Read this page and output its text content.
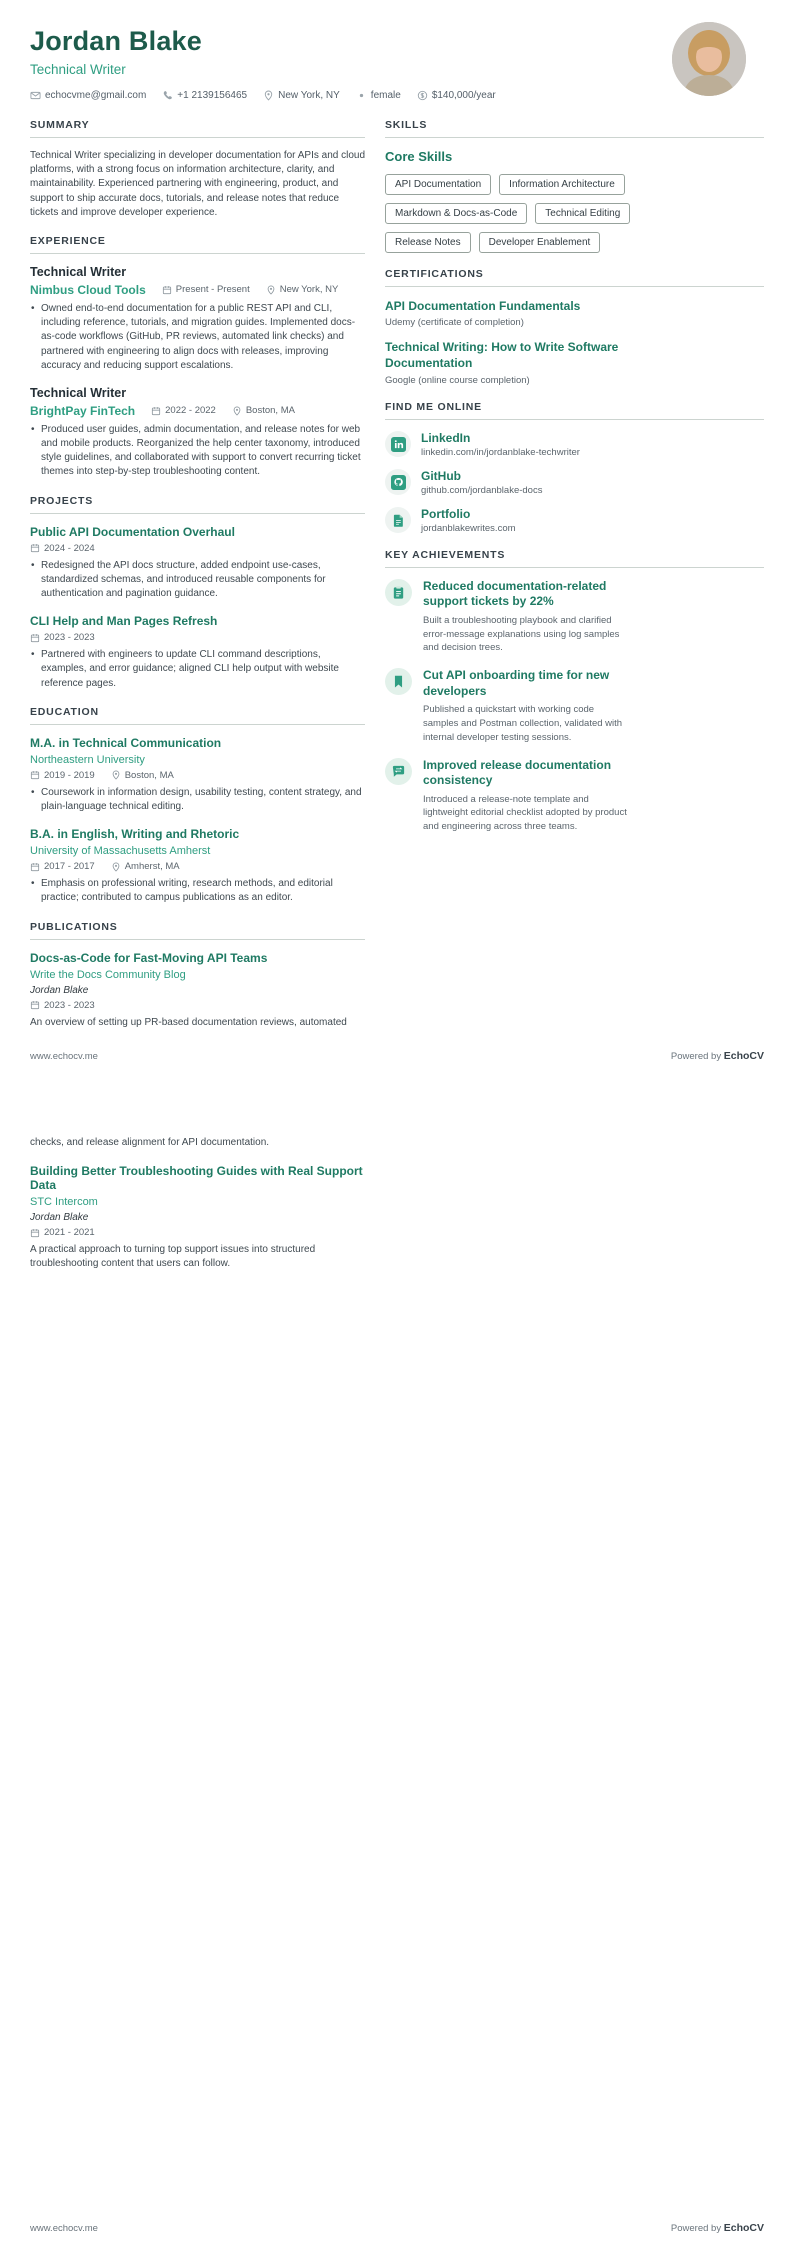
Jordan Blake
Technical Writer
echocvme@gmail.com	+1 2139156465	New York, NY	female	$140,000/year
SUMMARY
Technical Writer specializing in developer documentation for APIs and cloud platforms, with a strong focus on information architecture, clarity, and maintainability. Experienced partnering with engineering, product, and support to ship accurate docs, tutorials, and release notes that reduce tickets and improve developer experience.
EXPERIENCE
Technical Writer
Nimbus Cloud Tools	Present - Present	New York, NY
• Owned end-to-end documentation for a public REST API and CLI, including reference, tutorials, and migration guides. Implemented docs-as-code workflows (GitHub, PR reviews, automated link checks) and partnered with engineering to align docs with releases, improving accuracy and reducing support escalations.
Technical Writer
BrightPay FinTech	2022 - 2022	Boston, MA
• Produced user guides, admin documentation, and release notes for web and mobile products. Reorganized the help center taxonomy, introduced style guidelines, and collaborated with support to convert recurring ticket themes into step-by-step troubleshooting content.
PROJECTS
Public API Documentation Overhaul
2024 - 2024
• Redesigned the API docs structure, added endpoint use-cases, standardized schemas, and introduced reusable components for authentication and pagination guidance.
CLI Help and Man Pages Refresh
2023 - 2023
• Partnered with engineers to update CLI command descriptions, examples, and error guidance; aligned CLI help output with website reference pages.
EDUCATION
M.A. in Technical Communication
Northeastern University
2019 - 2019	Boston, MA
• Coursework in information design, usability testing, content strategy, and plain-language technical editing.
B.A. in English, Writing and Rhetoric
University of Massachusetts Amherst
2017 - 2017	Amherst, MA
• Emphasis on professional writing, research methods, and editorial practice; contributed to campus publications as an editor.
PUBLICATIONS
Docs-as-Code for Fast-Moving API Teams
Write the Docs Community Blog
Jordan Blake
2023 - 2023
An overview of setting up PR-based documentation reviews, automated
SKILLS
Core Skills
API Documentation	Information Architecture
Markdown & Docs-as-Code	Technical Editing
Release Notes	Developer Enablement
CERTIFICATIONS
API Documentation Fundamentals
Udemy (certificate of completion)
Technical Writing: How to Write Software Documentation
Google (online course completion)
FIND ME ONLINE
LinkedIn
linkedin.com/in/jordanblake-techwriter
GitHub
github.com/jordanblake-docs
Portfolio
jordanblakewrites.com
KEY ACHIEVEMENTS
Reduced documentation-related support tickets by 22%
Built a troubleshooting playbook and clarified error-message explanations using log samples and decision trees.
Cut API onboarding time for new developers
Published a quickstart with working code samples and Postman collection, validated with internal developer testing sessions.
Improved release documentation consistency
Introduced a release-note template and lightweight editorial checklist adopted by product and engineering across three teams.
www.echocv.me	Powered by EchoCV
checks, and release alignment for API documentation.
Building Better Troubleshooting Guides with Real Support Data
STC Intercom
Jordan Blake
2021 - 2021
A practical approach to turning top support issues into structured troubleshooting content that users can follow.
www.echocv.me	Powered by EchoCV
